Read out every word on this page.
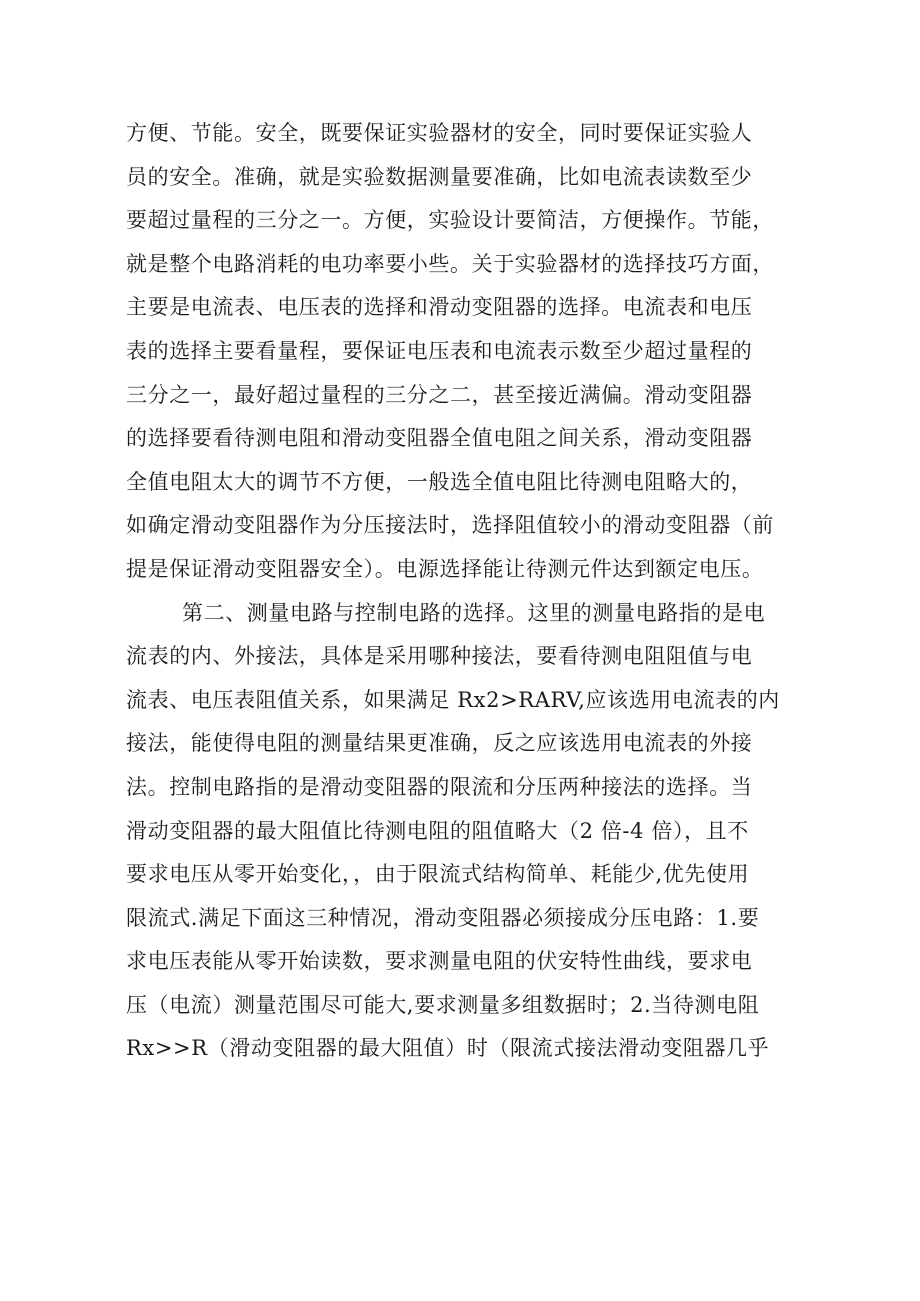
方便、节能。安全，既要保证实验器材的安全，同时要保证实验人
员的安全。准确，就是实验数据测量要准确，比如电流表读数至少
要超过量程的三分之一。方便，实验设计要简洁，方便操作。节能，
就是整个电路消耗的电功率要小些。关于实验器材的选择技巧方面，
主要是电流表、电压表的选择和滑动变阻器的选择。电流表和电压
表的选择主要看量程，要保证电压表和电流表示数至少超过量程的
三分之一，最好超过量程的三分之二，甚至接近满偏。滑动变阻器
的选择要看待测电阻和滑动变阻器全值电阻之间关系，滑动变阻器
全值电阻太大的调节不方便，一般选全值电阻比待测电阻略大的，
如确定滑动变阻器作为分压接法时，选择阻值较小的滑动变阻器（前
提是保证滑动变阻器安全）。电源选择能让待测元件达到额定电压。
第二、测量电路与控制电路的选择。这里的测量电路指的是电
流表的内、外接法，具体是采用哪种接法，要看待测电阻阻值与电
流表、电压表阻值关系，如果满足 Rx2>RARV,应该选用电流表的内
接法，能使得电阻的测量结果更准确，反之应该选用电流表的外接
法。控制电路指的是滑动变阻器的限流和分压两种接法的选择。当
滑动变阻器的最大阻值比待测电阻的阻值略大（2 倍-4 倍），且不
要求电压从零开始变化，，由于限流式结构简单、耗能少,优先使用
限流式.满足下面这三种情况，滑动变阻器必须接成分压电路：1.要
求电压表能从零开始读数，要求测量电阻的伏安特性曲线，要求电
压（电流）测量范围尽可能大,要求测量多组数据时；2.当待测电阻
Rx>>R（滑动变阻器的最大阻值）时（限流式接法滑动变阻器几乎
